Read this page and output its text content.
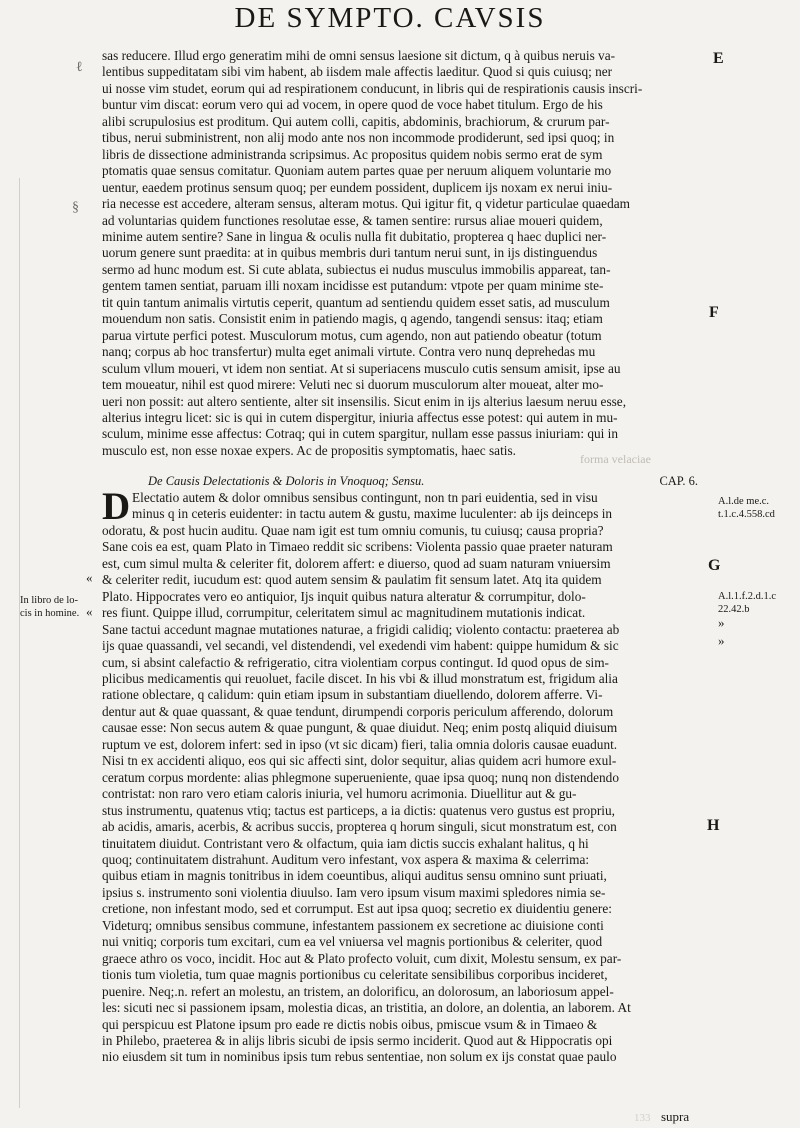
DE SYMPTO. CAVSIS
sas reducere. Illud ergo generatim mihi de omni sensus laesione sit dictum, q à quibus neruis va-
lentibus suppeditatam sibi vim habent, ab iisdem male affectis laeditur. Quod si quis cuiusq; ner
ui nosse vim studet, eorum qui ad respirationem conducunt, in libris qui de respirationis causis inscri-
buntur vim discat: eorum vero qui ad vocem, in opere quod de voce habet titulum. Ergo de his
alibi scrupulosius est proditum. Qui autem colli, capitis, abdominis, brachiorum, & crurum par-
tibus, nerui subministrent, non alij modo ante nos non incommode prodiderunt, sed ipsi quoq; in
libris de dissectione administranda scripsimus. Ac propositus quidem nobis sermo erat de sym
ptomatis quae sensus comitatur. Quoniam autem partes quae per neruum aliquem voluntarie mo
uentur, eaedem protinus sensum quoq; per eundem possident, duplicem ijs noxam ex nerui iniu-
ria necesse est accedere, alteram sensus, alteram motus. Qui igitur fit, q videtur particulae quaedam
ad voluntarias quidem functiones resolutae esse, & tamen sentire: rursus aliae moueri quidem,
minime autem sentire? Sane in lingua & oculis nulla fit dubitatio, propterea q haec duplici ner-
uorum genere sunt praedita: at in quibus membris duri tantum nerui sunt, in ijs distinguendus
sermo ad hunc modum est. Si cute ablata, subiectus ei nudus musculus immobilis appareat, tan-
gentem tamen sentiat, paruam illi noxam incidisse est putandum: vtpote per quam minime ste-
tit quin tantum animalis virtutis ceperit, quantum ad sentiendu quidem esset satis, ad musculum
mouendum non satis. Consistit enim in patiendo magis, q agendo, tangendi sensus: itaq; etiam
parua virtute perfici potest. Musculorum motus, cum agendo, non aut patiendo obeatur (totum
nanq; corpus ab hoc transfertur) multa eget animali virtute. Contra vero nunq deprehedas mu
sculum vllum moueri, vt idem non sentiat. At si superiacens musculo cutis sensum amisit, ipse au
tem moueatur, nihil est quod mirere: Veluti nec si duorum musculorum alter moueat, alter mo-
ueri non possit: aut altero sentiente, alter sit insensilis. Sicut enim in ijs alterius laesum neruu esse,
alterius integru licet: sic is qui in cutem dispergitur, iniuria affectus esse potest: qui autem in mu-
sculum, minime esse affectus: Cotraq; qui in cutem spargitur, nullam esse passus iniuriam: qui in
musculo est, non esse noxae expers. Ac de propositis symptomatis, haec satis.
forma velaciae
De Causis Delectationis & Doloris in Vnoquoq; Sensu.	CAP. 6.
D Electatio autem & dolor omnibus sensibus contingunt, non tn pari euidentia, sed in visu
minus q in ceteris euidenter: in tactu autem & gustu, maxime luculenter: ab ijs deinceps in
odoratu, & post hucin auditu. Quae nam igit est tum omniu comunis, tu cuiusq; causa propria?
Sane cois ea est, quam Plato in Timaeo reddit sic scribens: Violenta passio quae praeter naturam
est, cum simul multa & celeriter fit, dolorem affert: e diuerso, quod ad suam naturam vniuersim
& celeriter redit, iucudum est: quod autem sensim & paulatim fit sensum latet. Atq ita quidem
Plato. Hippocrates vero eo antiquior, Ijs inquit quibus natura alteratur & corrumpitur, dolo-
res fiunt. Quippe illud, corrumpitur, celeritatem simul ac magnitudinem mutationis indicat.
Sane tactui accedunt magnae mutationes naturae, a frigidi calidiq; violento contactu: praeterea ab
ijs quae quassandi, vel secandi, vel distendendi, vel exedendi vim habent: quippe humidum & sic
cum, si absint calefactio & refrigeratio, citra violentiam corpus contingut. Id quod opus de sim-
plicibus medicamentis qui reuoluet, facile discet. In his vbi & illud monstratum est, frigidum alia
ratione oblectare, q calidum: quin etiam ipsum in substantiam diuellendo, dolorem afferre. Vi-
dentur aut & quae quassant, & quae tendunt, dirumpendi corporis periculum afferendo, dolorum
causae esse: Non secus autem & quae pungunt, & quae diuidut. Neq; enim postq aliquid diuisum
ruptum ve est, dolorem infert: sed in ipso (vt sic dicam) fieri, talia omnia doloris causae euadunt.
Nisi tn ex accidenti aliquo, eos qui sic affecti sint, dolor sequitur, alias quidem acri humore exul-
ceratum corpus mordente: alias phlegmone superueniente, quae ipsa quoq; nunq non distendendo
contristat: non raro vero etiam caloris iniuria, vel humoru acrimonia. Diuellitur aut & gu-
stus instrumentu, quatenus vtiq; tactus est particeps, a ia dictis: quatenus vero gustus est propriu,
ab acidis, amaris, acerbis, & acribus succis, propterea q horum singuli, sicut monstratum est, con
tinuitatem diuidut. Contristant vero & olfactum, quia iam dictis succis exhalant halitus, q hi
quoq; continuitatem distrahunt. Auditum vero infestant, vox aspera & maxima & celerrima:
quibus etiam in magnis tonitribus in idem coeuntibus, aliqui auditus sensu omnino sunt priuati,
ipsius s. instrumento soni violentia diuulso. Iam vero ipsum visum maximi spledores nimia se-
cretione, non infestant modo, sed et corrumput. Est aut ipsa quoq; secretio ex diuidentiu genere:
Videturq; omnibus sensibus commune, infestantem passionem ex secretione ac diuisione conti
nui vnitiq; corporis tum excitari, cum ea vel vniuersa vel magnis portionibus & celeriter, quod
graece athro os voco, incidit. Hoc aut & Plato profecto voluit, cum dixit, Molestu sensum, ex par-
tionis tum violetia, tum quae magnis portionibus cu celeritate sensibilibus corporibus incideret,
puenire. Neq;.n. refert an molestu, an tristem, an dolorificu, an dolorosum, an laboriosum appel-
les: sicuti nec si passionem ipsam, molestia dicas, an tristitia, an dolore, an dolentia, an laborem. At
qui perspicuu est Platone ipsum pro eade re dictis nobis oibus, pmiscue vsum & in Timaeo &
in Philebo, praeterea & in alijs libris sicubi de ipsis sermo inciderit. Quod aut & Hippocratis opi
nio eiusdem sit tum in nominibus ipsis tum rebus sententiae, non solum ex ijs constat quae paulo
supra
133
E
F
G
H
In libro de lo-
cis in homine.
A.l.de me.c.
t.1.c.4.558.cd
A.l.1.f.2.d.1.c
22.42.b
«
«
»
»
ℓ
§
